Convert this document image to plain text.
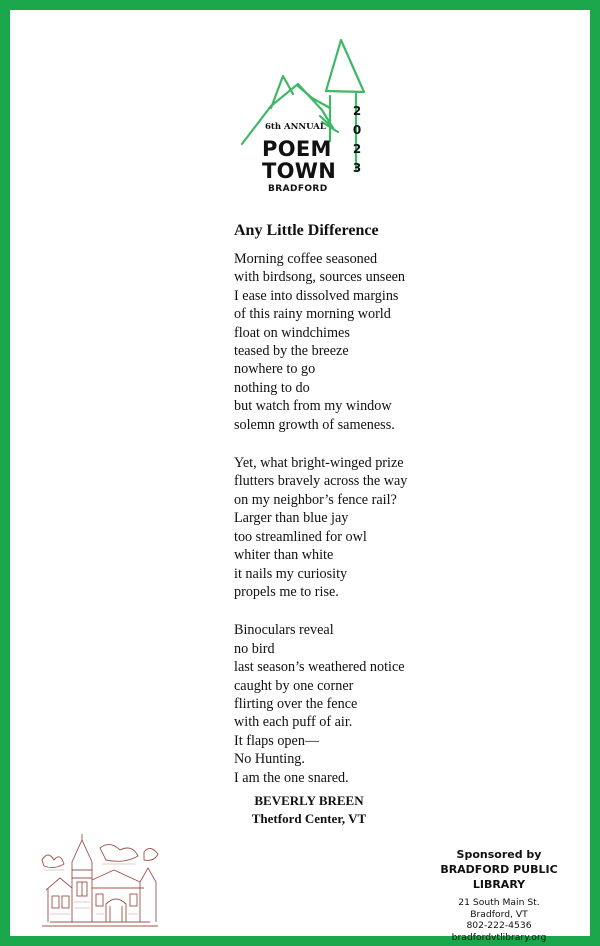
6th ANNUAL
POEM
TOWN
BRADFORD
2
0
2
3
Any Little Difference
Morning coffee seasoned
with birdsong, sources unseen
I ease into dissolved margins
of this rainy morning world
float on windchimes
teased by the breeze
nowhere to go
nothing to do
but watch from my window
solemn growth of sameness.
Yet, what bright-winged prize
flutters bravely across the way
on my neighbor’s fence rail?
Larger than blue jay
too streamlined for owl
whiter than white
it nails my curiosity
propels me to rise.
Binoculars reveal
no bird
last season’s weathered notice
caught by one corner
flirting over the fence
with each puff of air.
It flaps open—
No Hunting.
I am the one snared.
BEVERLY BREEN
Thetford Center, VT
Sponsored by
BRADFORD PUBLIC LIBRARY
21 South Main St.
Bradford, VT
802-222-4536
bradfordvtlibrary.org
